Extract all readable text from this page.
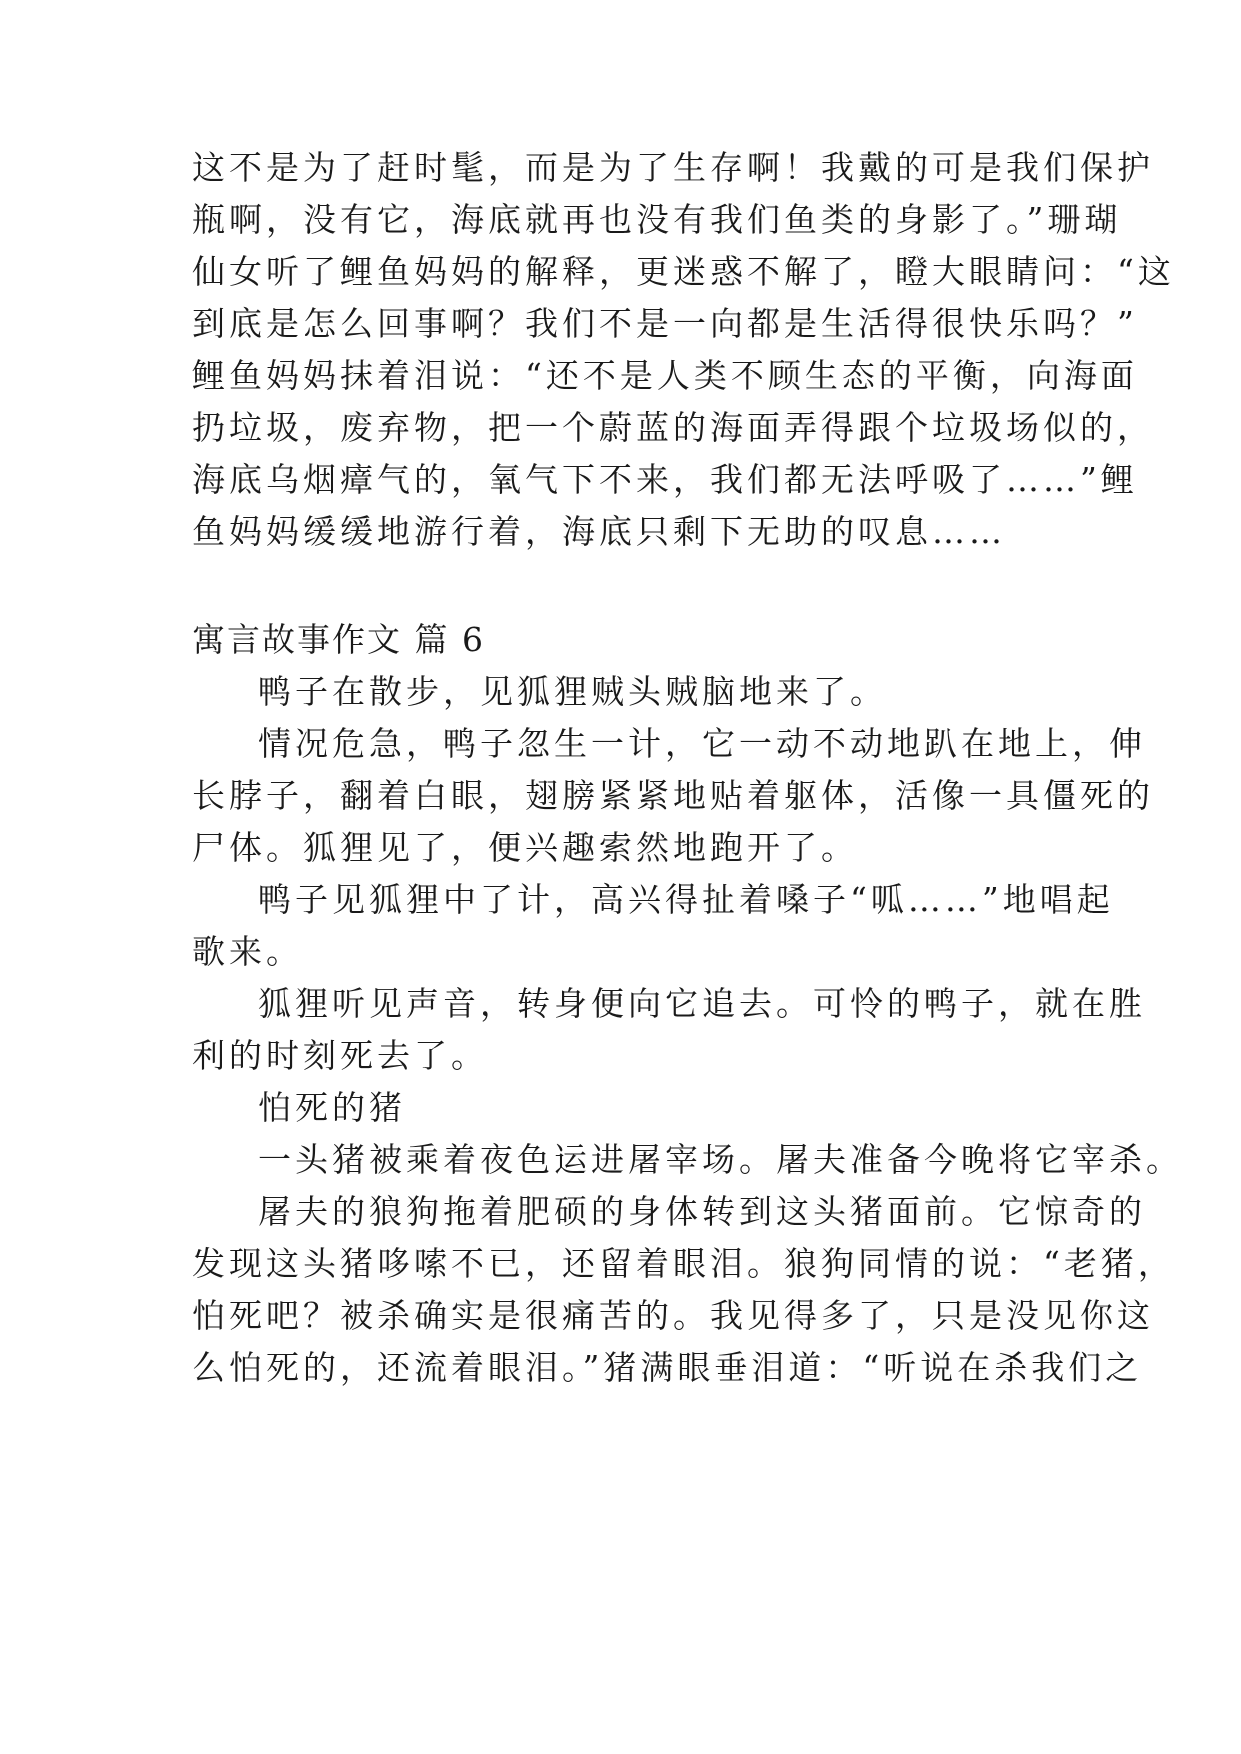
这不是为了赶时髦，而是为了生存啊！我戴的可是我们保护
瓶啊，没有它，海底就再也没有我们鱼类的身影了。”珊瑚
仙女听了鲤鱼妈妈的解释，更迷惑不解了，瞪大眼睛问：“这
到底是怎么回事啊？我们不是一向都是生活得很快乐吗？”
鲤鱼妈妈抹着泪说：“还不是人类不顾生态的平衡，向海面
扔垃圾，废弃物，把一个蔚蓝的海面弄得跟个垃圾场似的，
海底乌烟瘴气的，氧气下不来，我们都无法呼吸了……”鲤
鱼妈妈缓缓地游行着，海底只剩下无助的叹息……
寓言故事作文 篇 6
鸭子在散步，见狐狸贼头贼脑地来了。
情况危急，鸭子忽生一计，它一动不动地趴在地上，伸
长脖子，翻着白眼，翅膀紧紧地贴着躯体，活像一具僵死的
尸体。狐狸见了，便兴趣索然地跑开了。
鸭子见狐狸中了计，高兴得扯着嗓子“呱……”地唱起
歌来。
狐狸听见声音，转身便向它追去。可怜的鸭子，就在胜
利的时刻死去了。
怕死的猪
一头猪被乘着夜色运进屠宰场。屠夫准备今晚将它宰杀。
屠夫的狼狗拖着肥硕的身体转到这头猪面前。它惊奇的
发现这头猪哆嗦不已，还留着眼泪。狼狗同情的说：“老猪，
怕死吧？被杀确实是很痛苦的。我见得多了，只是没见你这
么怕死的，还流着眼泪。”猪满眼垂泪道：“听说在杀我们之
